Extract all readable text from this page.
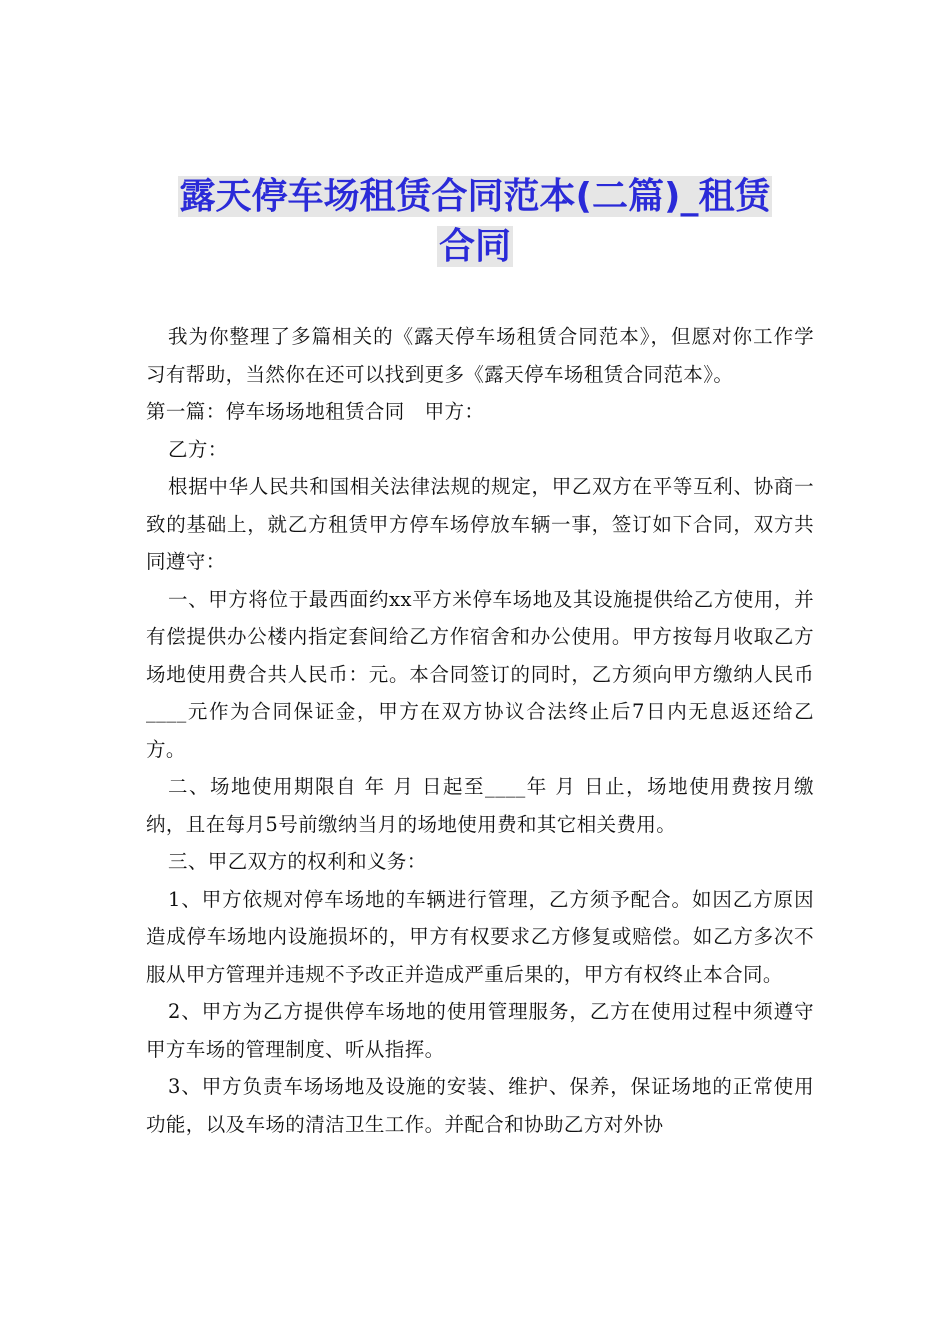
露天停车场租赁合同范本(二篇)_租赁
合同

我为你整理了多篇相关的《露天停车场租赁合同范本》，但愿对你工作学习有帮助，当然你在还可以找到更多《露天停车场租赁合同范本》。

第一篇：停车场场地租赁合同　甲方：

乙方：

根据中华人民共和国相关法律法规的规定，甲乙双方在平等互利、协商一致的基础上，就乙方租赁甲方停车场停放车辆一事，签订如下合同，双方共同遵守：

一、甲方将位于最西面约xx平方米停车场地及其设施提供给乙方使用，并有偿提供办公楼内指定套间给乙方作宿舍和办公使用。甲方按每月收取乙方场地使用费合共人民币：元。本合同签订的同时，乙方须向甲方缴纳人民币____元作为合同保证金，甲方在双方协议合法终止后7日内无息返还给乙方。

二、场地使用期限自 年 月 日起至____年 月 日止，场地使用费按月缴纳，且在每月5号前缴纳当月的场地使用费和其它相关费用。

三、甲乙双方的权利和义务：

1、甲方依规对停车场地的车辆进行管理，乙方须予配合。如因乙方原因造成停车场地内设施损坏的，甲方有权要求乙方修复或赔偿。如乙方多次不服从甲方管理并违规不予改正并造成严重后果的，甲方有权终止本合同。

2、甲方为乙方提供停车场地的使用管理服务，乙方在使用过程中须遵守甲方车场的管理制度、听从指挥。

3、甲方负责车场场地及设施的安装、维护、保养，保证场地的正常使用功能，以及车场的清洁卫生工作。并配合和协助乙方对外协
